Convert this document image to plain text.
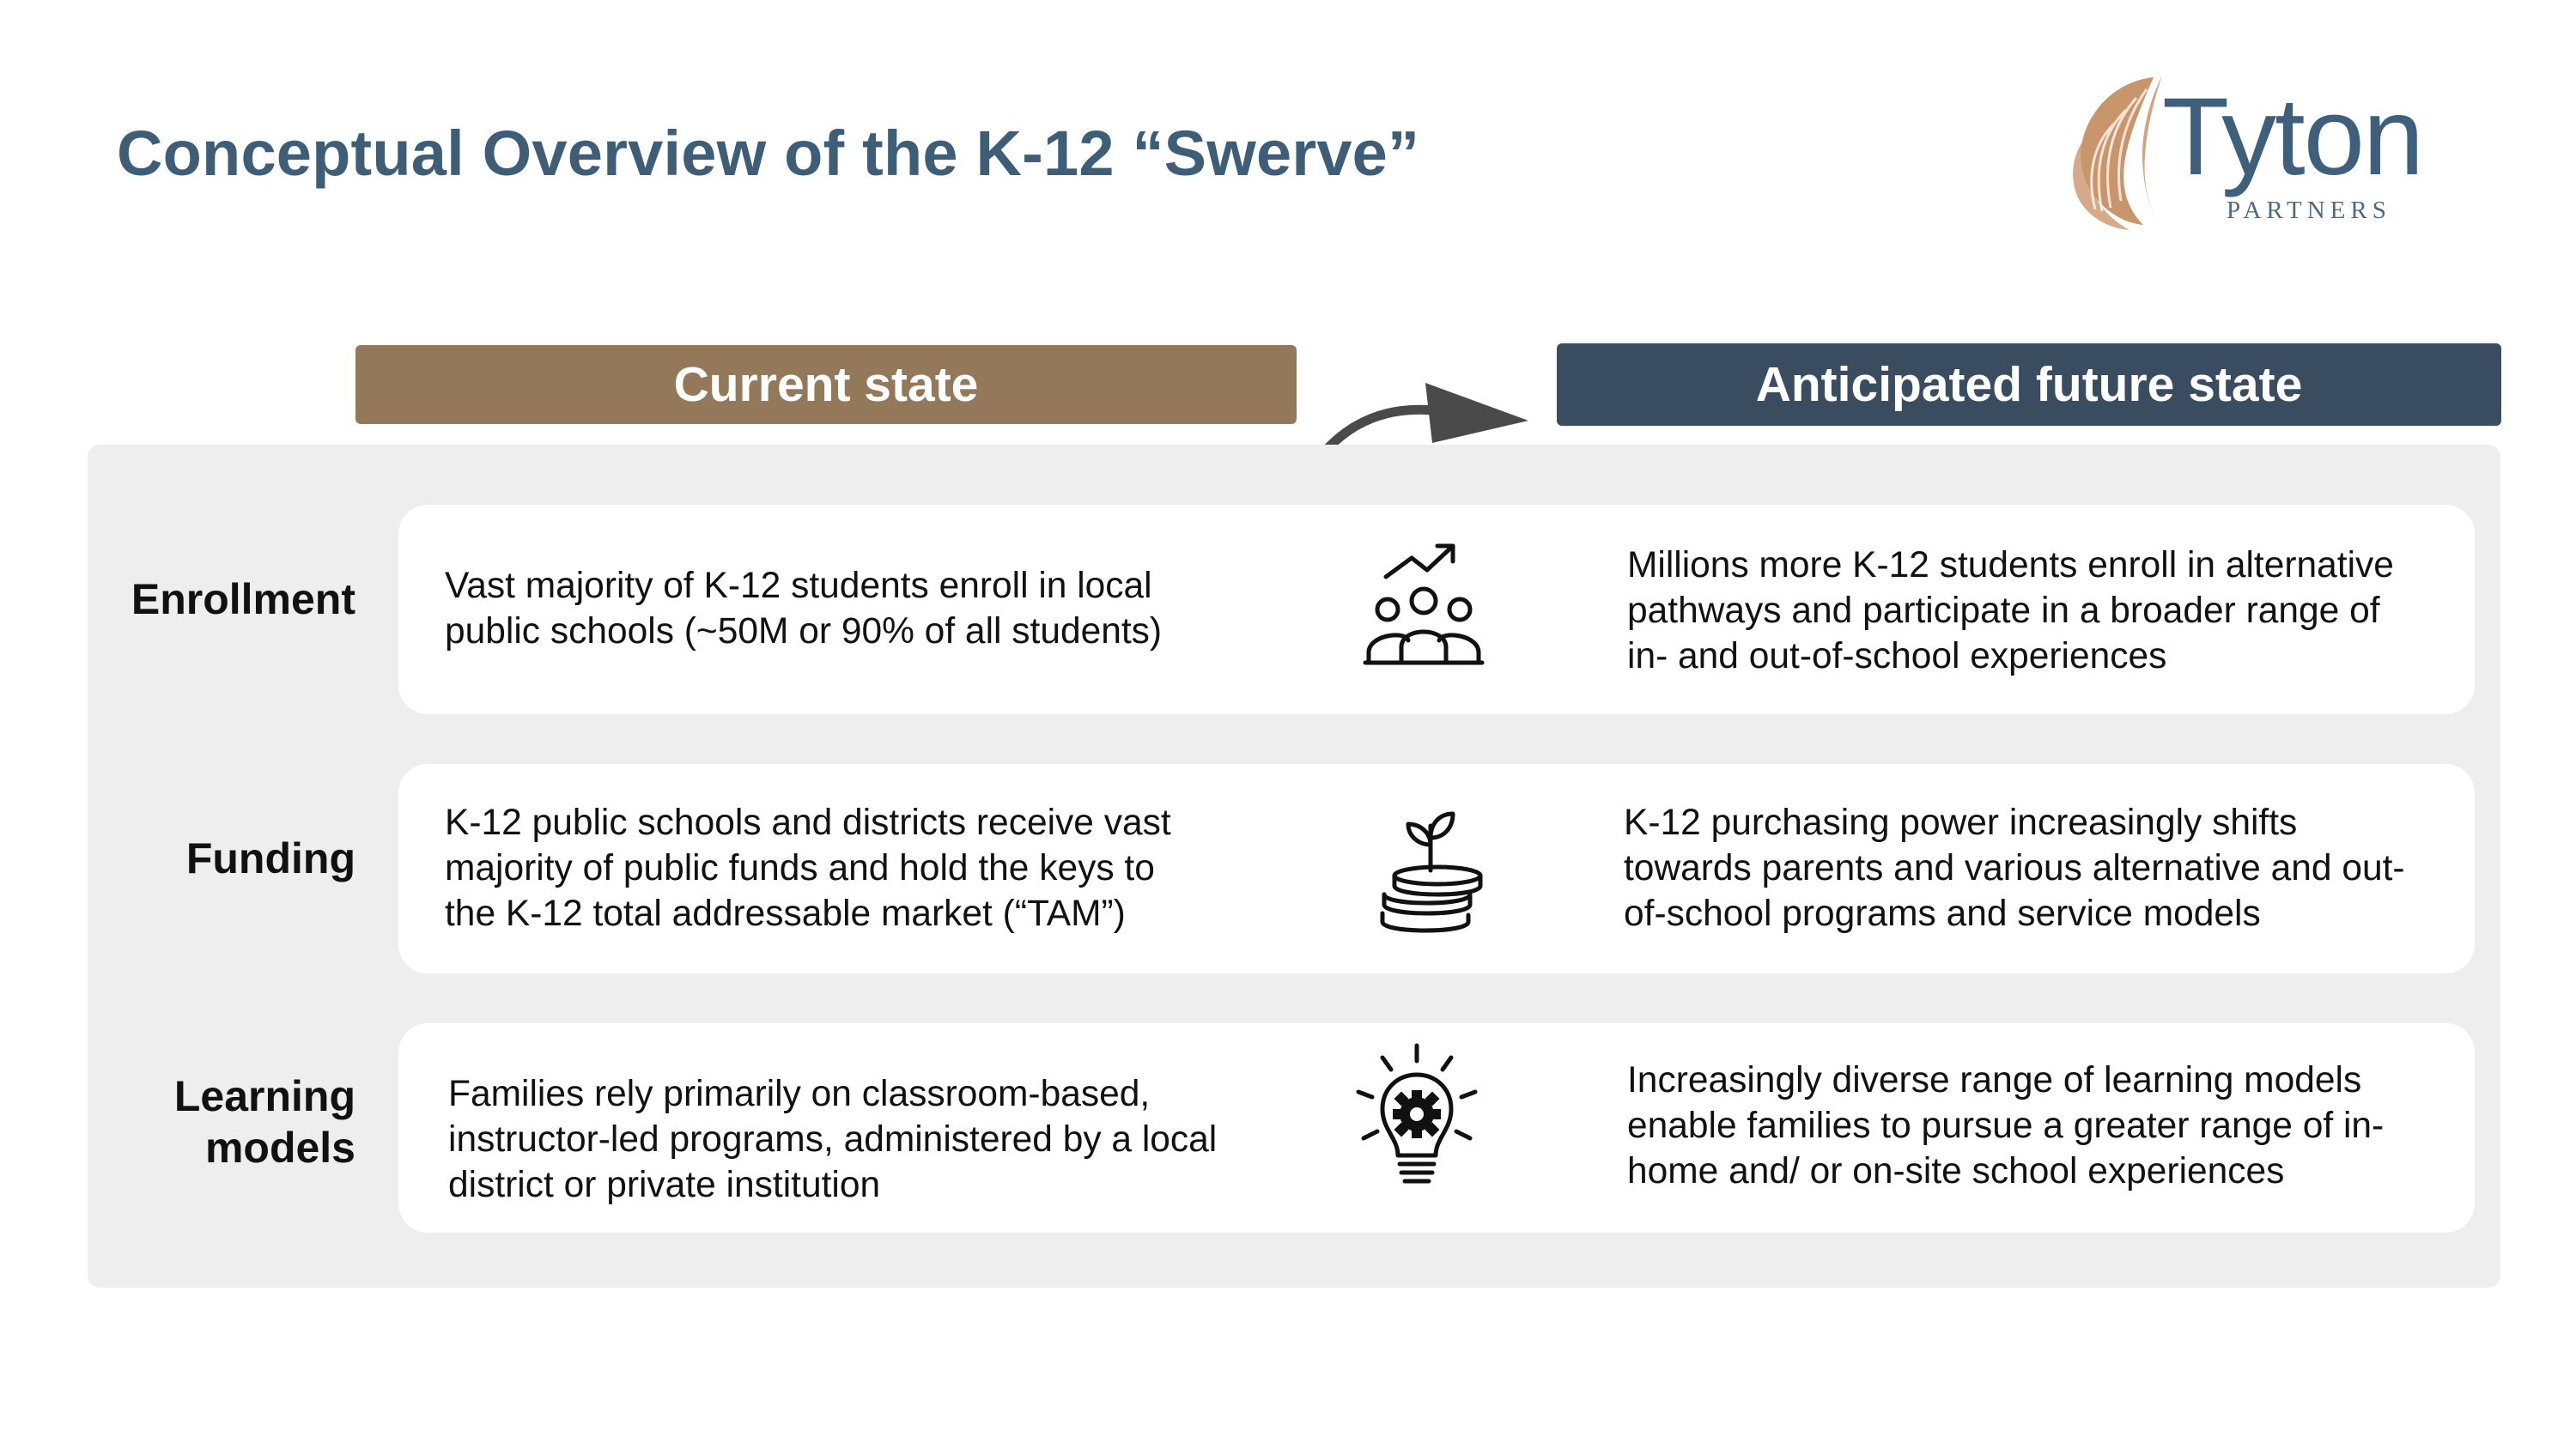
Conceptual Overview of the K-12 “Swerve”	Tyton
PARTNERS
Current state	Anticipated future state
Enrollment Vast majority of K-12 students enroll in local
public schools (~50M or 90% of all students)
Millions more K-12 students enroll in alternative
pathways and participate in a broader range of
in- and out-of-school experiences
Funding
K-12 public schools and districts receive vast
majority of public funds and hold the keys to
the K-12 total addressable market (“TAM”)
K-12 purchasing power increasingly shifts
towards parents and various alternative and out-
of-school programs and service models
Learning
models
Families rely primarily on classroom-based,
instructor-led programs, administered by a local
district or private institution
Increasingly diverse range of learning models
enable families to pursue a greater range of in-
home and/ or on-site school experiences
